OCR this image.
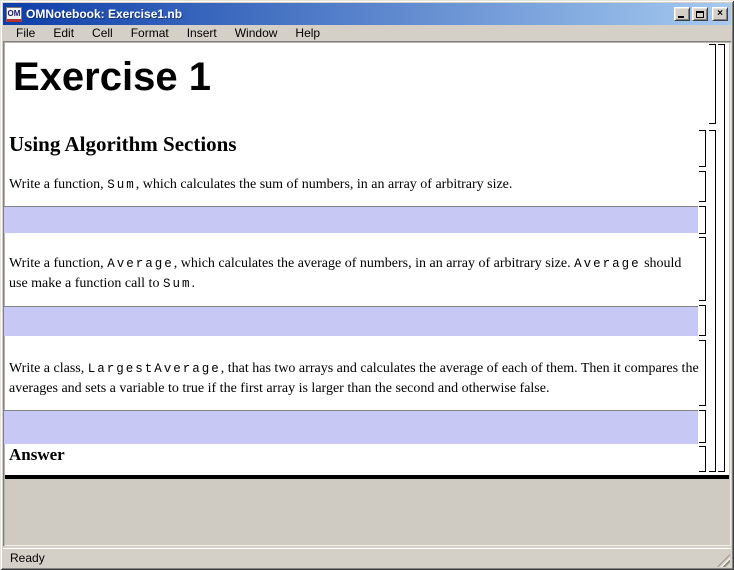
OM OMNotebook: Exercise1.nb	×
File	Edit	Cell	Format	Insert	Window	Help
Exercise 1
Using Algorithm Sections
Write a function, Sum, which calculates the sum of numbers, in an array of arbitrary size.
Write a function, Average, which calculates the average of numbers, in an array of arbitrary size. Average should use make a function call to Sum.
Write a class, LargestAverage, that has two arrays and calculates the average of each of them. Then it compares the averages and sets a variable to true if the first array is larger than the second and otherwise false.
Answer
Ready
